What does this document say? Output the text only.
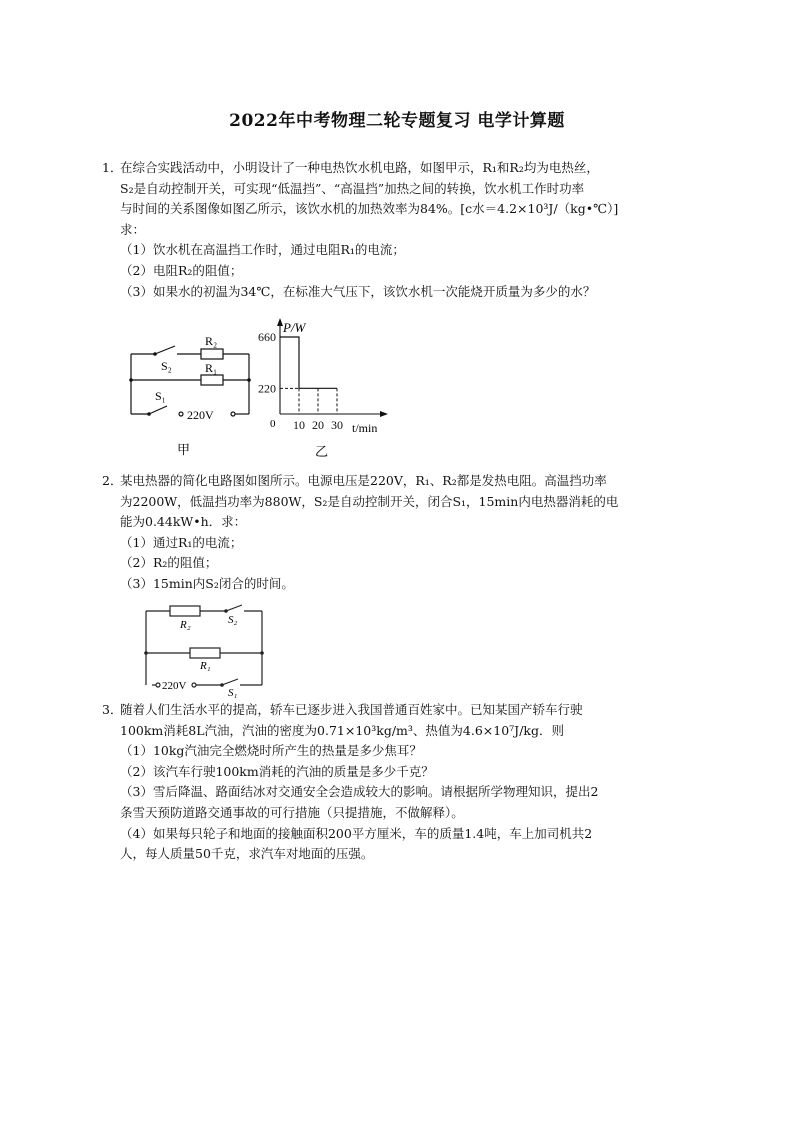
2022年中考物理二轮专题复习 电学计算题
1．

在综合实践活动中，小明设计了一种电热饮水机电路，如图甲示，R₁和R₂均为电热丝，

S₂是自动控制开关，可实现“低温挡”、“高温挡”加热之间的转换，饮水机工作时功率

与时间的关系图像如图乙所示，该饮水机的加热效率为84%。[c水＝4.2×10³J/（kg•℃）]

求：

（1）饮水机在高温挡工作时，通过电阻R₁的电流；

（2）电阻R₂的阻值；

（3）如果水的初温为34℃，在标准大气压下，该饮水机一次能烧开质量为多少的水？

R₂
R₁
S₂
S₁
220V
甲
10 20 30
220
660
P/W
t/min
0
乙
2．

某电热器的简化电路图如图所示。电源电压是220V，R₁、R₂都是发热电阻。高温挡功率

为2200W，低温挡功率为880W，S₂是自动控制开关，闭合S₁，15min内电热器消耗的电

能为0.44kW•h．求：

（1）通过R₁的电流；

（2）R₂的阻值；

（3）15min内S₂闭合的时间。

R₂
R₁
S₂
S₁
220V
3．

随着人们生活水平的提高，轿车已逐步进入我国普通百姓家中。已知某国产轿车行驶

100km消耗8L汽油，汽油的密度为0.71×10³kg/m³、热值为4.6×10⁷J/kg．则

（1）10kg汽油完全燃烧时所产生的热量是多少焦耳？

（2）该汽车行驶100km消耗的汽油的质量是多少千克？

（3）雪后降温、路面结冰对交通安全会造成较大的影响。请根据所学物理知识，提出2

条雪天预防道路交通事故的可行措施（只提措施，不做解释）。

（4）如果每只轮子和地面的接触面积200平方厘米，车的质量1.4吨，车上加司机共2

人，每人质量50千克，求汽车对地面的压强。
